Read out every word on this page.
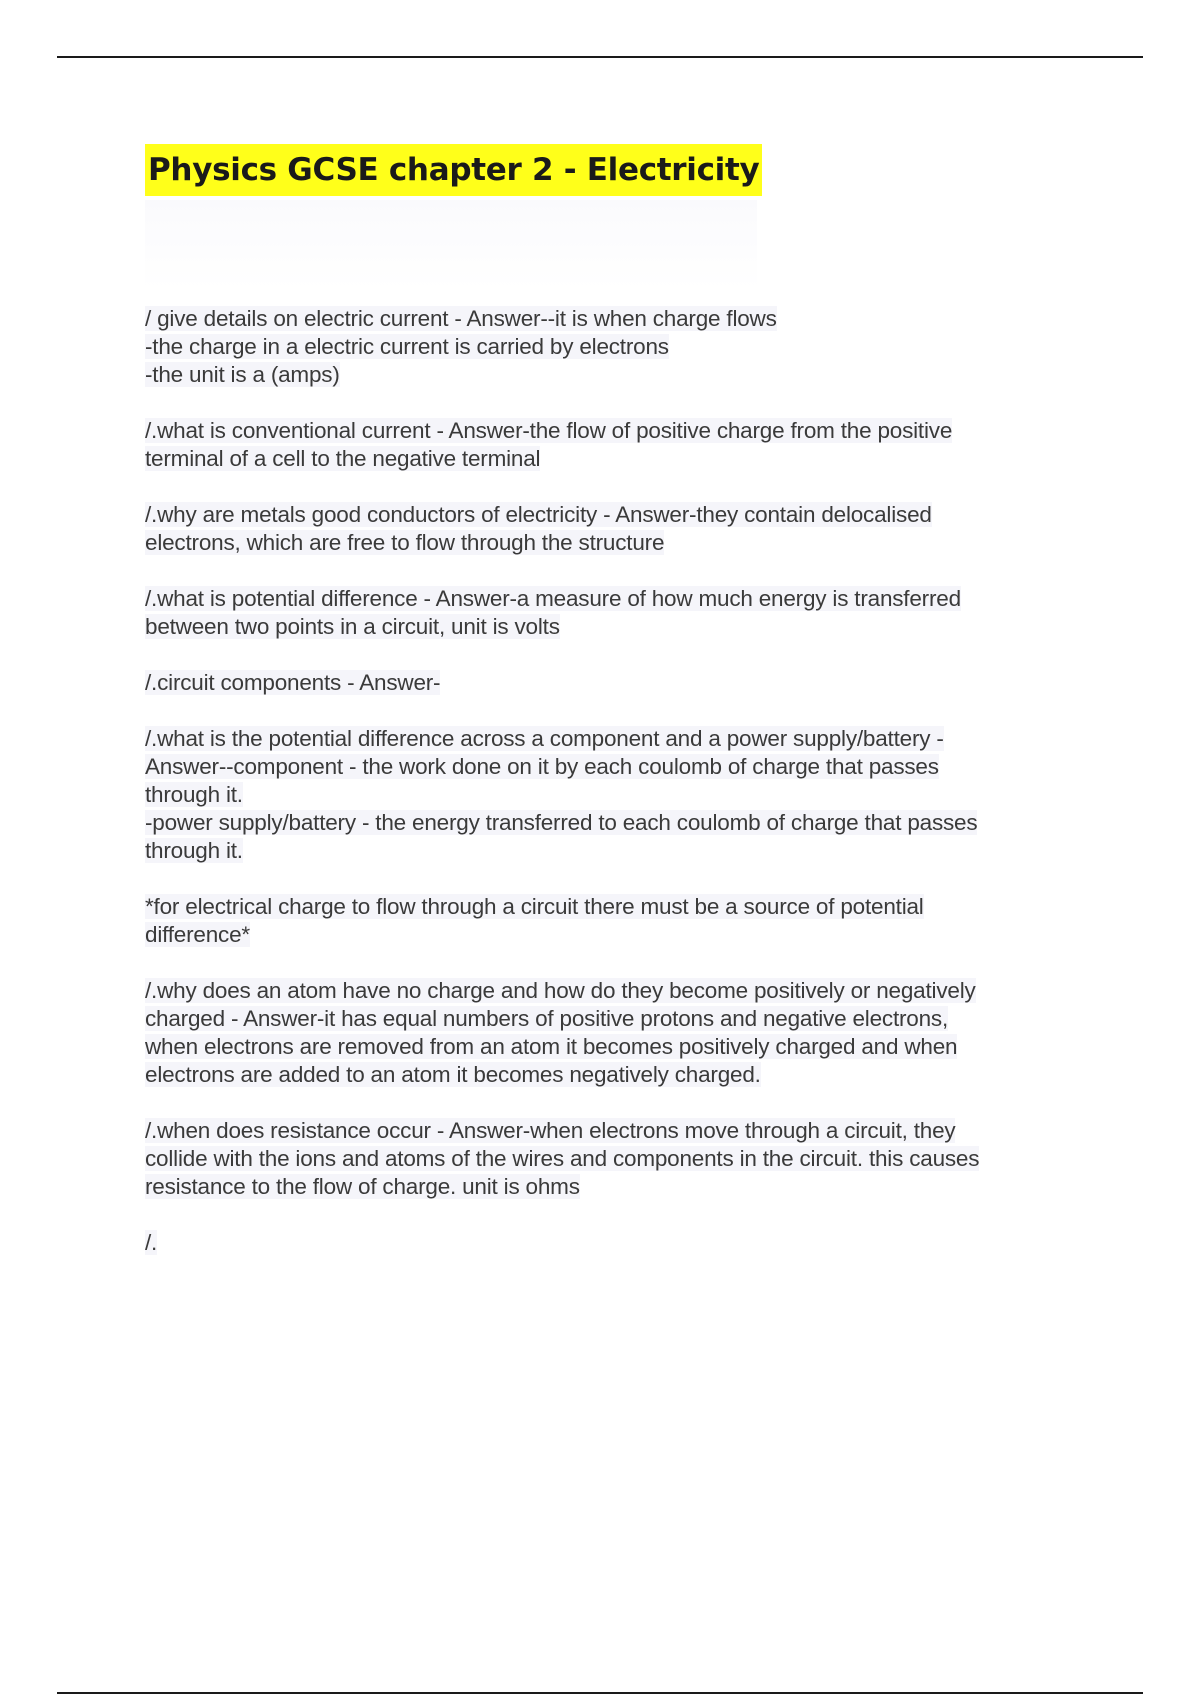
Physics GCSE chapter 2 - Electricity
/ give details on electric current - Answer--it is when charge flows
-the charge in a electric current is carried by electrons
-the unit is a (amps)
/.what is conventional current - Answer-the flow of positive charge from the positive
terminal of a cell to the negative terminal
/.why are metals good conductors of electricity - Answer-they contain delocalised
electrons, which are free to flow through the structure
/.what is potential difference - Answer-a measure of how much energy is transferred
between two points in a circuit, unit is volts
/.circuit components - Answer-
/.what is the potential difference across a component and a power supply/battery -
Answer--component - the work done on it by each coulomb of charge that passes
through it.
-power supply/battery - the energy transferred to each coulomb of charge that passes
through it.
*for electrical charge to flow through a circuit there must be a source of potential
difference*
/.why does an atom have no charge and how do they become positively or negatively
charged - Answer-it has equal numbers of positive protons and negative electrons,
when electrons are removed from an atom it becomes positively charged and when
electrons are added to an atom it becomes negatively charged.
/.when does resistance occur - Answer-when electrons move through a circuit, they
collide with the ions and atoms of the wires and components in the circuit. this causes
resistance to the flow of charge. unit is ohms
/.
